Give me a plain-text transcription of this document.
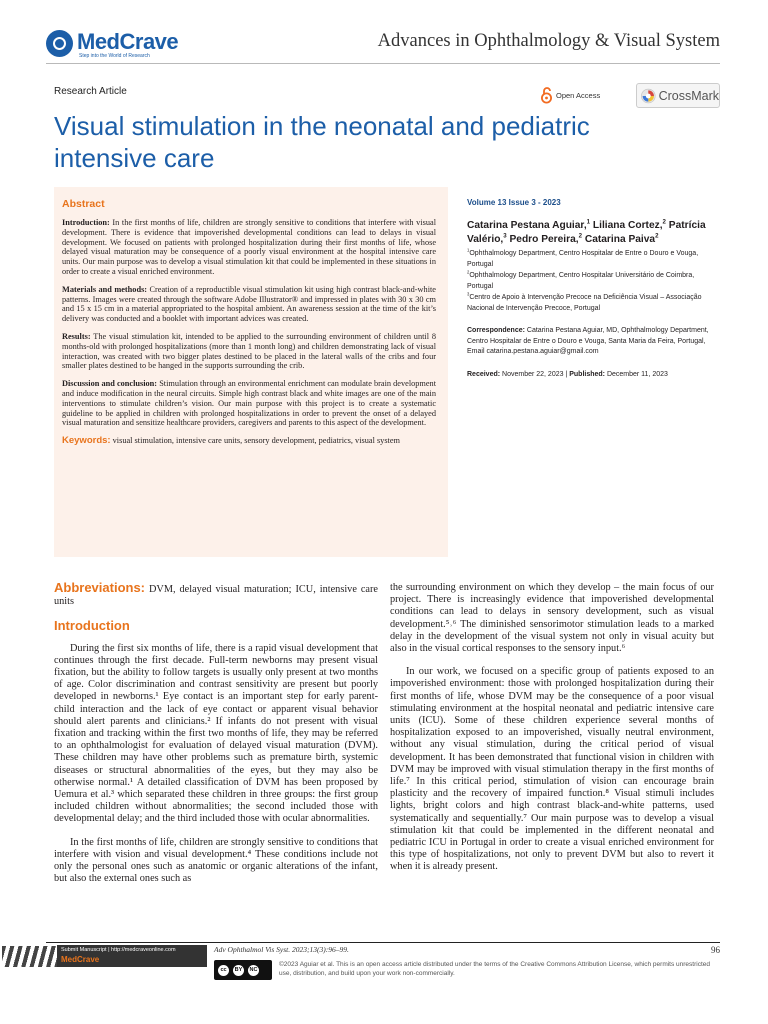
MedCrave
Step into the World of Research
Advances in Ophthalmology & Visual System
Research Article	Open Access	CrossMark
Visual stimulation in the neonatal and pediatric intensive care
Abstract

Introduction: In the first months of life, children are strongly sensitive to conditions that interfere with visual development. There is evidence that impoverished developmental conditions can lead to delays in visual development. We focused on patients with prolonged hospitalization during their first months of life, whose delayed visual maturation may be consequence of a poorly visual environment at the hospital intensive care units. Our main purpose was to develop a visual stimulation kit that could be implemented in these situations in order to create a visual enriched environment.

Materials and methods: Creation of a reproductible visual stimulation kit using high contrast black-and-white patterns. Images were created through the software Adobe Illustrator® and impressed in plates with 30 x 30 cm and 15 x 15 cm in a material appropriated to the hospital ambient. An awareness session at the time of the kit’s delivery was conducted and a booklet with important advices was created.

Results: The visual stimulation kit, intended to be applied to the surrounding environment of children until 8 months-old with prolonged hospitalizations (more than 1 month long) and children demonstrating lack of visual interaction, was created with two bigger plates destined to be placed in the lateral walls of the cribs and four smaller plates destined to be hanged in the supports surrounding the crib.

Discussion and conclusion: Stimulation through an environmental enrichment can modulate brain development and induce modification in the neural circuits. Simple high contrast black and white images are one of the main interventions to stimulate children’s vision. Our main purpose with this project is to create a systematic guideline to be applied in children with prolonged hospitalizations in order to prevent the onset of a delayed visual maturation and sensitize healthcare providers, caregivers and parents to this aspect of the development.

Keywords: visual stimulation, intensive care units, sensory development, pediatrics, visual system

Volume 13 Issue 3 - 2023
Catarina Pestana Aguiar,$^1$ Liliana Cortez,$^2$ Patrícia Valério,$^3$ Pedro Pereira,$^2$ Catarina Paiva$^2$
$^1$Ophthalmology Department, Centro Hospitalar de Entre o Douro e Vouga, Portugal
$^2$Ophthalmology Department, Centro Hospitalar Universitário de Coimbra, Portugal
$^3$Centro de Apoio à Intervenção Precoce na Deficiência Visual – Associação Nacional de Intervenção Precoce, Portugal
Correspondence: Catarina Pestana Aguiar, MD, Ophthalmology Department, Centro Hospitalar de Entre o Douro e Vouga, Santa Maria da Feira, Portugal, Email catarina.pestana.aguiar@gmail.com
Received: November 22, 2023 | Published: December 11, 2023
Abbreviations: DVM, delayed visual maturation; ICU, intensive care units
Introduction

During the first six months of life, there is a rapid visual development that continues through the first decade. Full-term newborns may present visual fixation, but the ability to follow targets is usually only present at two months of age. Color discrimination and contrast sensitivity are present but poorly developed in newborns.¹ Eye contact is an important step for early parent-child interaction and the lack of eye contact or apparent visual behavior should alert parents and clinicians.² If infants do not present with visual fixation and tracking within the first two months of life, they may be referred to an ophthalmologist for evaluation of delayed visual maturation (DVM). These children may have other problems such as premature birth, systemic diseases or structural abnormalities of the eyes, but they may also be otherwise normal.¹ A detailed classification of DVM has been proposed by Uemura et al.³ which separated these children in three groups: the first group included children without abnormalities; the second included those with developmental delay; and the third included those with ocular abnormalities.

In the first months of life, children are strongly sensitive to conditions that interfere with vision and visual development.⁴ These conditions include not only the personal ones such as anatomic or organic alterations of the infant, but also the external ones such as

the surrounding environment on which they develop – the main focus of our project. There is increasingly evidence that impoverished developmental conditions can lead to delays in sensory development, such as visual development.⁵˒⁶ The diminished sensorimotor stimulation leads to a marked delay in the development of the visual system not only in visual acuity but also in the visual cortical responses to the sensory input.⁶

In our work, we focused on a specific group of patients exposed to an impoverished environment: those with prolonged hospitalization during their first months of life, whose DVM may be the consequence of a poor visual stimulating environment at the hospital neonatal and pediatric intensive care units (ICU). Some of these children experience several months of hospitalization exposed to an impoverished, visually neutral environment, without any visual stimulation, during the critical period of visual development. It has been demonstrated that functional vision in children with DVM may be improved with visual stimulation therapy in the first months of life.⁷ In this critical period, stimulation of vision can encourage brain plasticity and the recovery of impaired function.⁸ Visual stimuli includes lights, bright colors and high contrast black-and-white patterns, used systematically and sequentially.⁷ Our main purpose was to develop a visual stimulation kit that could be implemented in the different neonatal and pediatric ICU in Portugal in order to create a visual enriched environment for this type of hospitalizations, not only to prevent DVM but also to revert it when it is already present.

Submit Manuscript | http://medcraveonline.com
MedCrave
Adv Ophthalmol Vis Syst. 2023;13(3):96‒99.	96
cc	BY	NC
©2023 Aguiar et al. This is an open access article distributed under the terms of the Creative Commons Attribution License, which permits unrestricted use, distribution, and build upon your work non-commercially.
